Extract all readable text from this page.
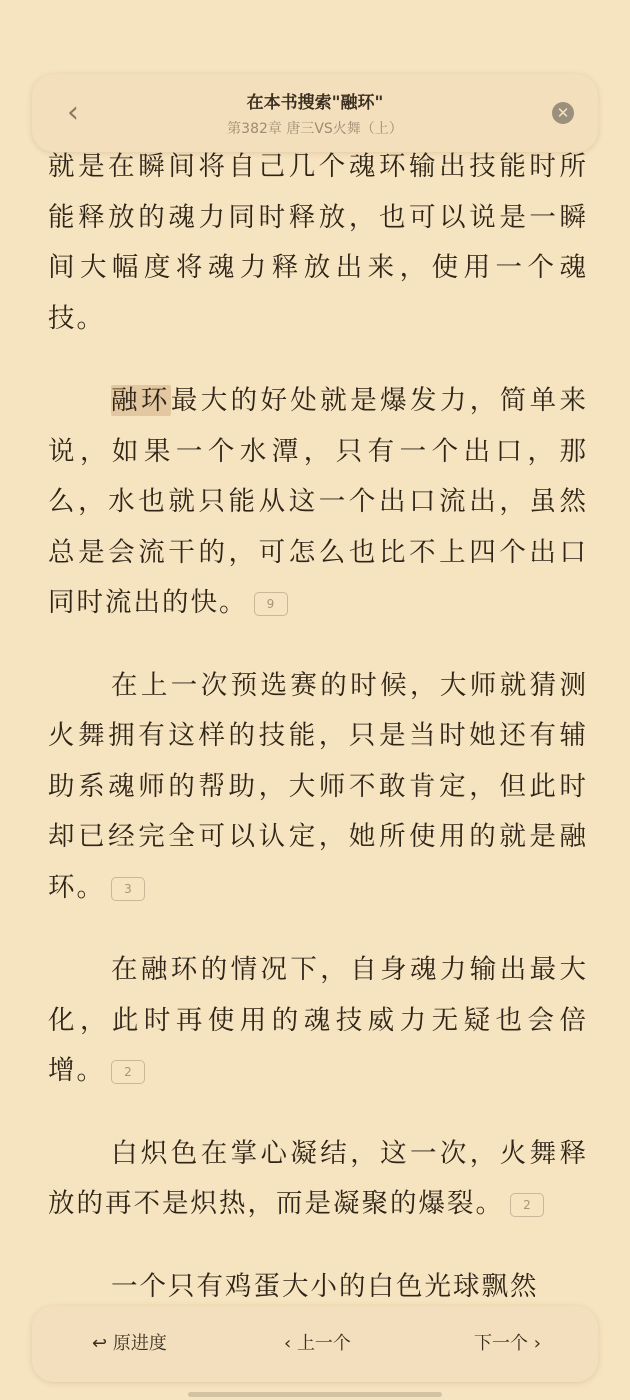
‹	在本书搜索"融环"
第382章 唐三VS火舞（上）
✕

就是在瞬间将自己几个魂环输出技能时所能释放的魂力同时释放，也可以说是一瞬间大幅度将魂力释放出来，使用一个魂技。

融环最大的好处就是爆发力，简单来说，如果一个水潭，只有一个出口，那么，水也就只能从这一个出口流出，虽然总是会流干的，可怎么也比不上四个出口同时流出的快。 9

在上一次预选赛的时候，大师就猜测火舞拥有这样的技能，只是当时她还有辅助系魂师的帮助，大师不敢肯定，但此时却已经完全可以认定，她所使用的就是融环。 3

在融环的情况下，自身魂力输出最大化，此时再使用的魂技威力无疑也会倍增。 2

白炽色在掌心凝结，这一次，火舞释放的再不是炽热，而是凝聚的爆裂。 2

一个只有鸡蛋大小的白色光球飘然

↩ 原进度	‹ 上一个	下一个 ›
